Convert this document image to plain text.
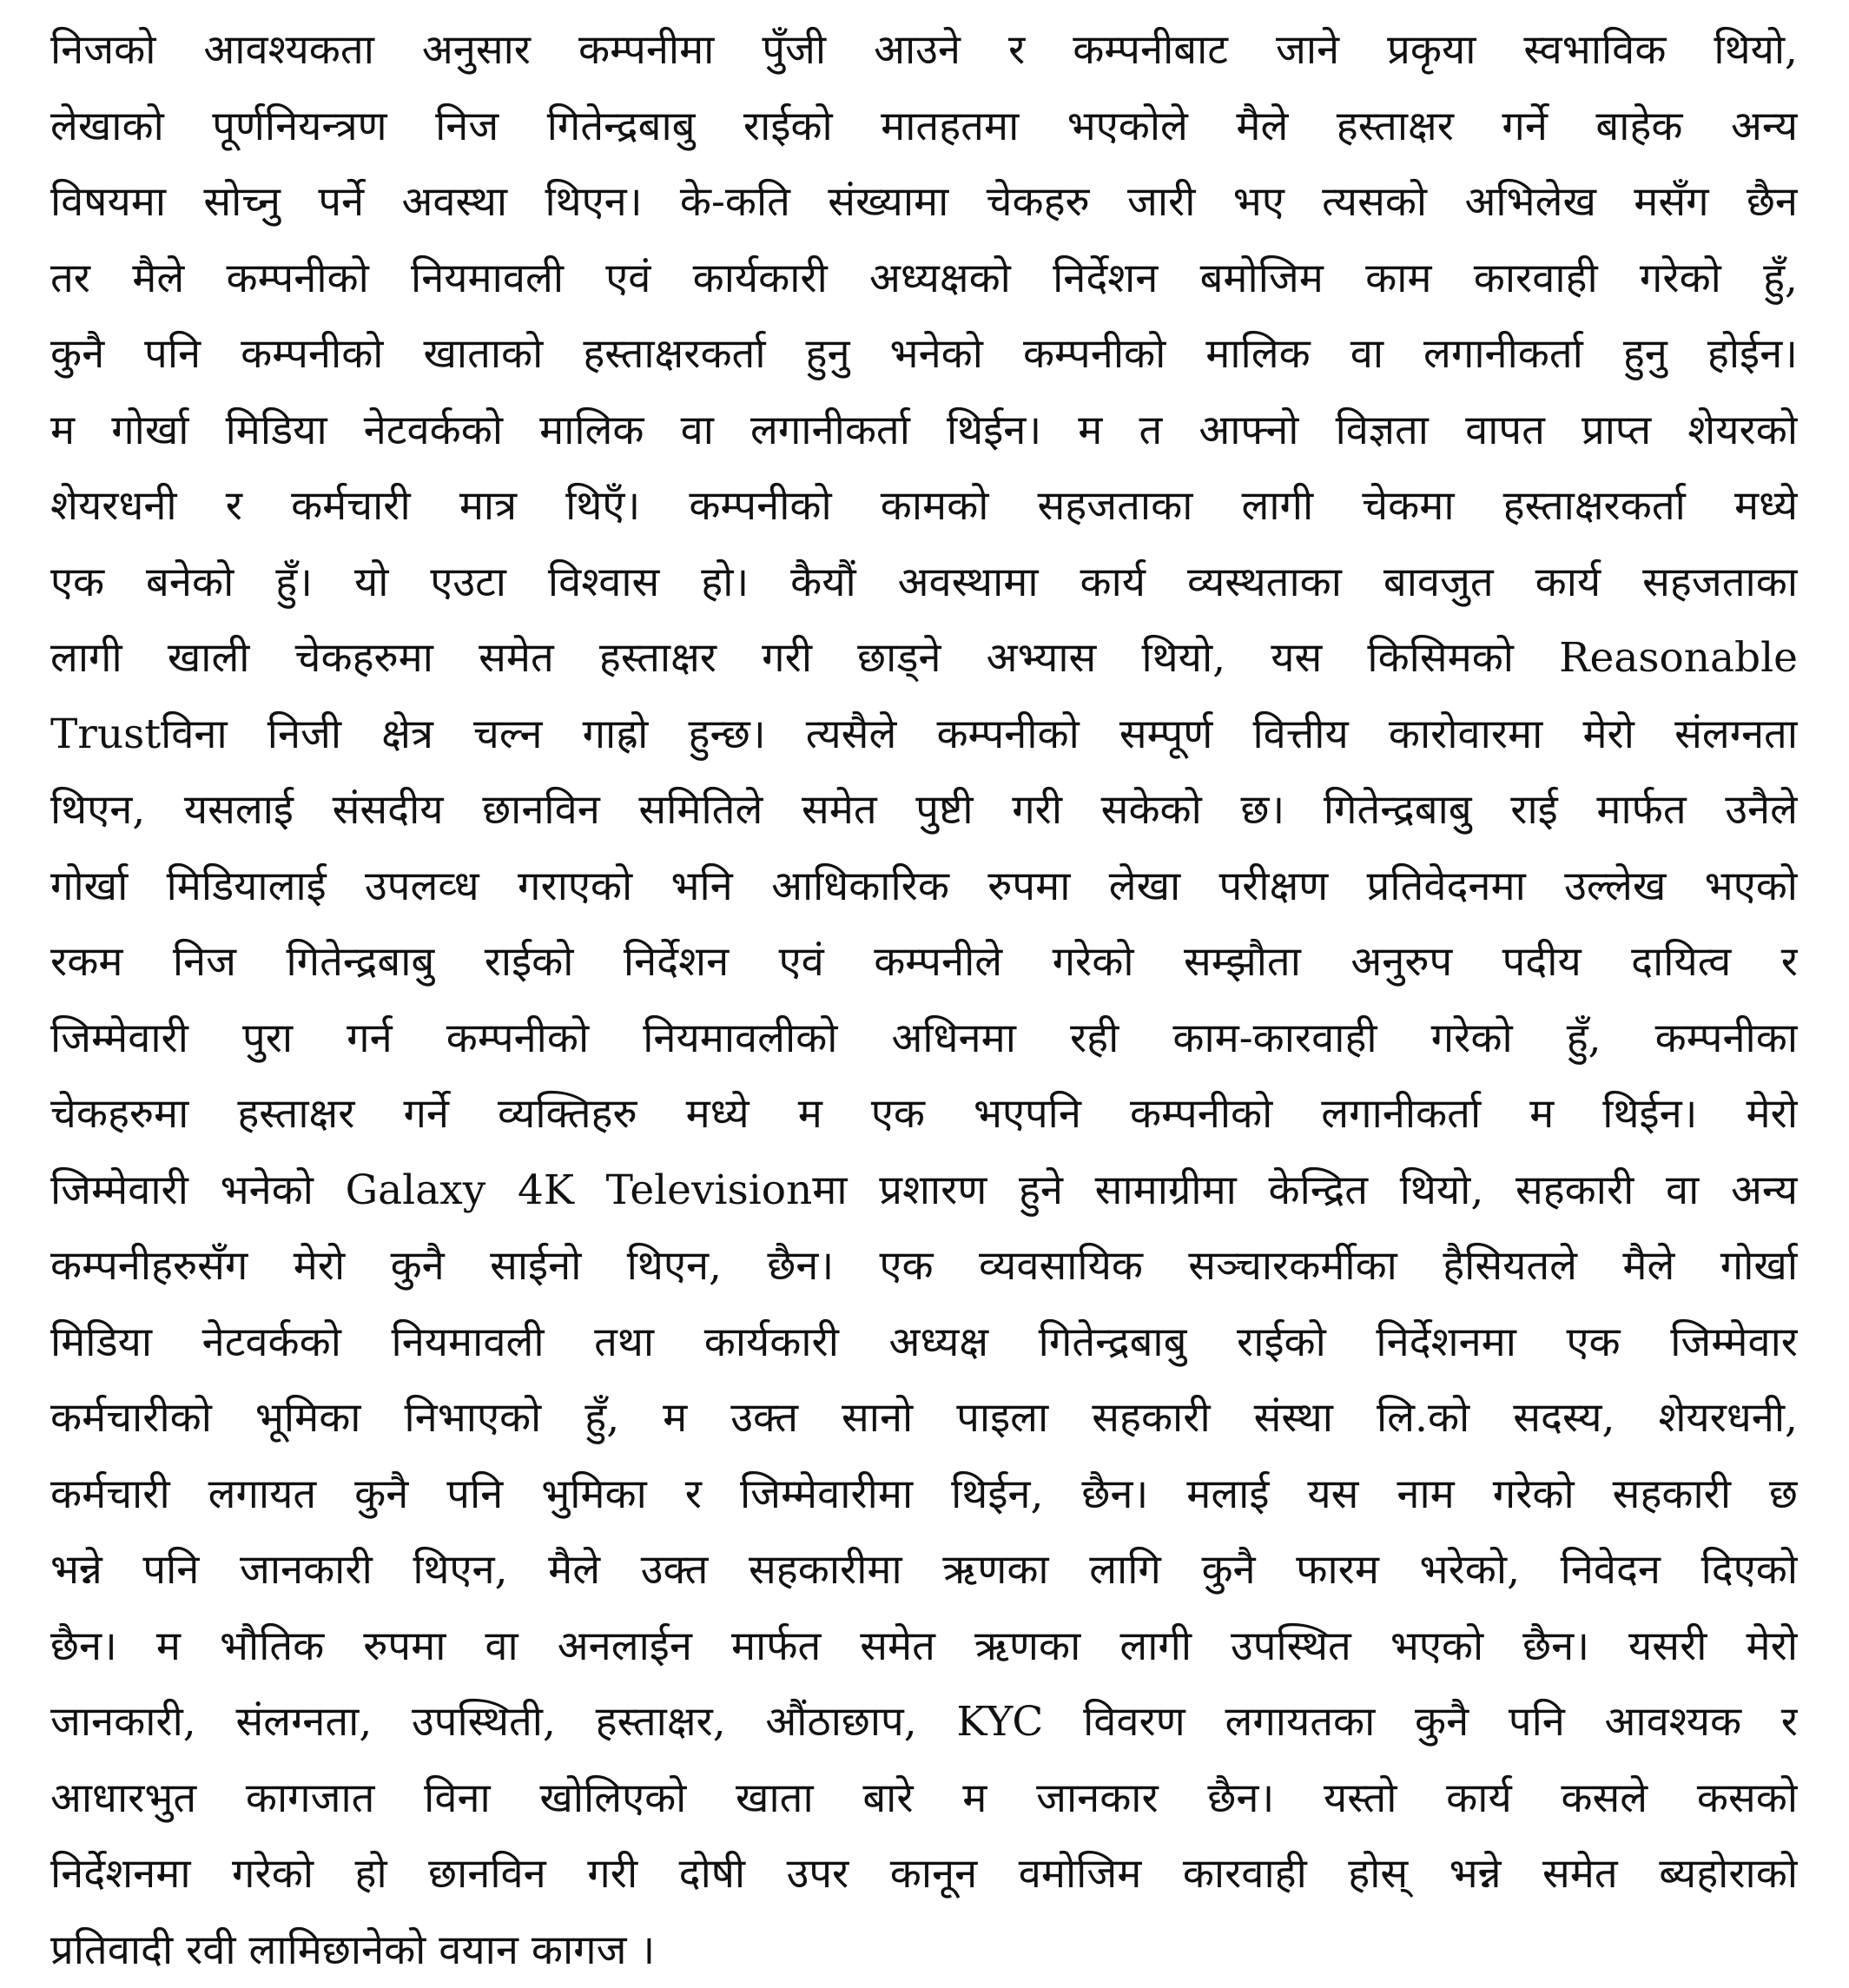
निजको आवश्यकता अनुसार कम्पनीमा पुँजी आउने र कम्पनीबाट जाने प्रकृया स्वभाविक थियो,
लेखाको पूर्णनियन्त्रण निज गितेन्द्रबाबु राईको मातहतमा भएकोले मैले हस्ताक्षर गर्ने बाहेक अन्य
विषयमा सोच्नु पर्ने अवस्था थिएन। के-कति संख्यामा चेकहरु जारी भए त्यसको अभिलेख मसँग छैन
तर मैले कम्पनीको नियमावली एवं कार्यकारी अध्यक्षको निर्देशन बमोजिम काम कारवाही गरेको हुँ,
कुनै पनि कम्पनीको खाताको हस्ताक्षरकर्ता हुनु भनेको कम्पनीको मालिक वा लगानीकर्ता हुनु होईन।
म गोर्खा मिडिया नेटवर्कको मालिक वा लगानीकर्ता थिईन। म त आफ्नो विज्ञता वापत प्राप्त शेयरको
शेयरधनी र कर्मचारी मात्र थिएँ। कम्पनीको कामको सहजताका लागी चेकमा हस्ताक्षरकर्ता मध्ये
एक बनेको हुँ। यो एउटा विश्वास हो। कैयौं अवस्थामा कार्य व्यस्थताका बावजुत कार्य सहजताका
लागी खाली चेकहरुमा समेत हस्ताक्षर गरी छाड्ने अभ्यास थियो, यस किसिमको Reasonable
Trustविना निजी क्षेत्र चल्न गाह्रो हुन्छ। त्यसैले कम्पनीको सम्पूर्ण वित्तीय कारोवारमा मेरो संलग्नता
थिएन, यसलाई संसदीय छानविन समितिले समेत पुष्टी गरी सकेको छ। गितेन्द्रबाबु राई मार्फत उनैले
गोर्खा मिडियालाई उपलव्ध गराएको भनि आधिकारिक रुपमा लेखा परीक्षण प्रतिवेदनमा उल्लेख भएको
रकम निज गितेन्द्रबाबु राईको निर्देशन एवं कम्पनीले गरेको सम्झौता अनुरुप पदीय दायित्व र
जिम्मेवारी पुरा गर्न कम्पनीको नियमावलीको अधिनमा रही काम-कारवाही गरेको हुँ, कम्पनीका
चेकहरुमा हस्ताक्षर गर्ने व्यक्तिहरु मध्ये म एक भएपनि कम्पनीको लगानीकर्ता म थिईन। मेरो
जिम्मेवारी भनेको Galaxy 4K Televisionमा प्रशारण हुने सामाग्रीमा केन्द्रित थियो, सहकारी वा अन्य
कम्पनीहरुसँग मेरो कुनै साईनो थिएन, छैन। एक व्यवसायिक सञ्चारकर्मीका हैसियतले मैले गोर्खा
मिडिया नेटवर्कको नियमावली तथा कार्यकारी अध्यक्ष गितेन्द्रबाबु राईको निर्देशनमा एक जिम्मेवार
कर्मचारीको भूमिका निभाएको हुँ, म उक्त सानो पाइला सहकारी संस्था लि.को सदस्य, शेयरधनी,
कर्मचारी लगायत कुनै पनि भुमिका र जिम्मेवारीमा थिईन, छैन। मलाई यस नाम गरेको सहकारी छ
भन्ने पनि जानकारी थिएन, मैले उक्त सहकारीमा ऋणका लागि कुनै फारम भरेको, निवेदन दिएको
छैन। म भौतिक रुपमा वा अनलाईन मार्फत समेत ऋणका लागी उपस्थित भएको छैन। यसरी मेरो
जानकारी, संलग्नता, उपस्थिती, हस्ताक्षर, औंठाछाप, KYC विवरण लगायतका कुनै पनि आवश्यक र
आधारभुत कागजात विना खोलिएको खाता बारे म जानकार छैन। यस्तो कार्य कसले कसको
निर्देशनमा गरेको हो छानविन गरी दोषी उपर कानून वमोजिम कारवाही होस् भन्ने समेत ब्यहोराको
प्रतिवादी रवी लामिछानेको वयान कागज ।
